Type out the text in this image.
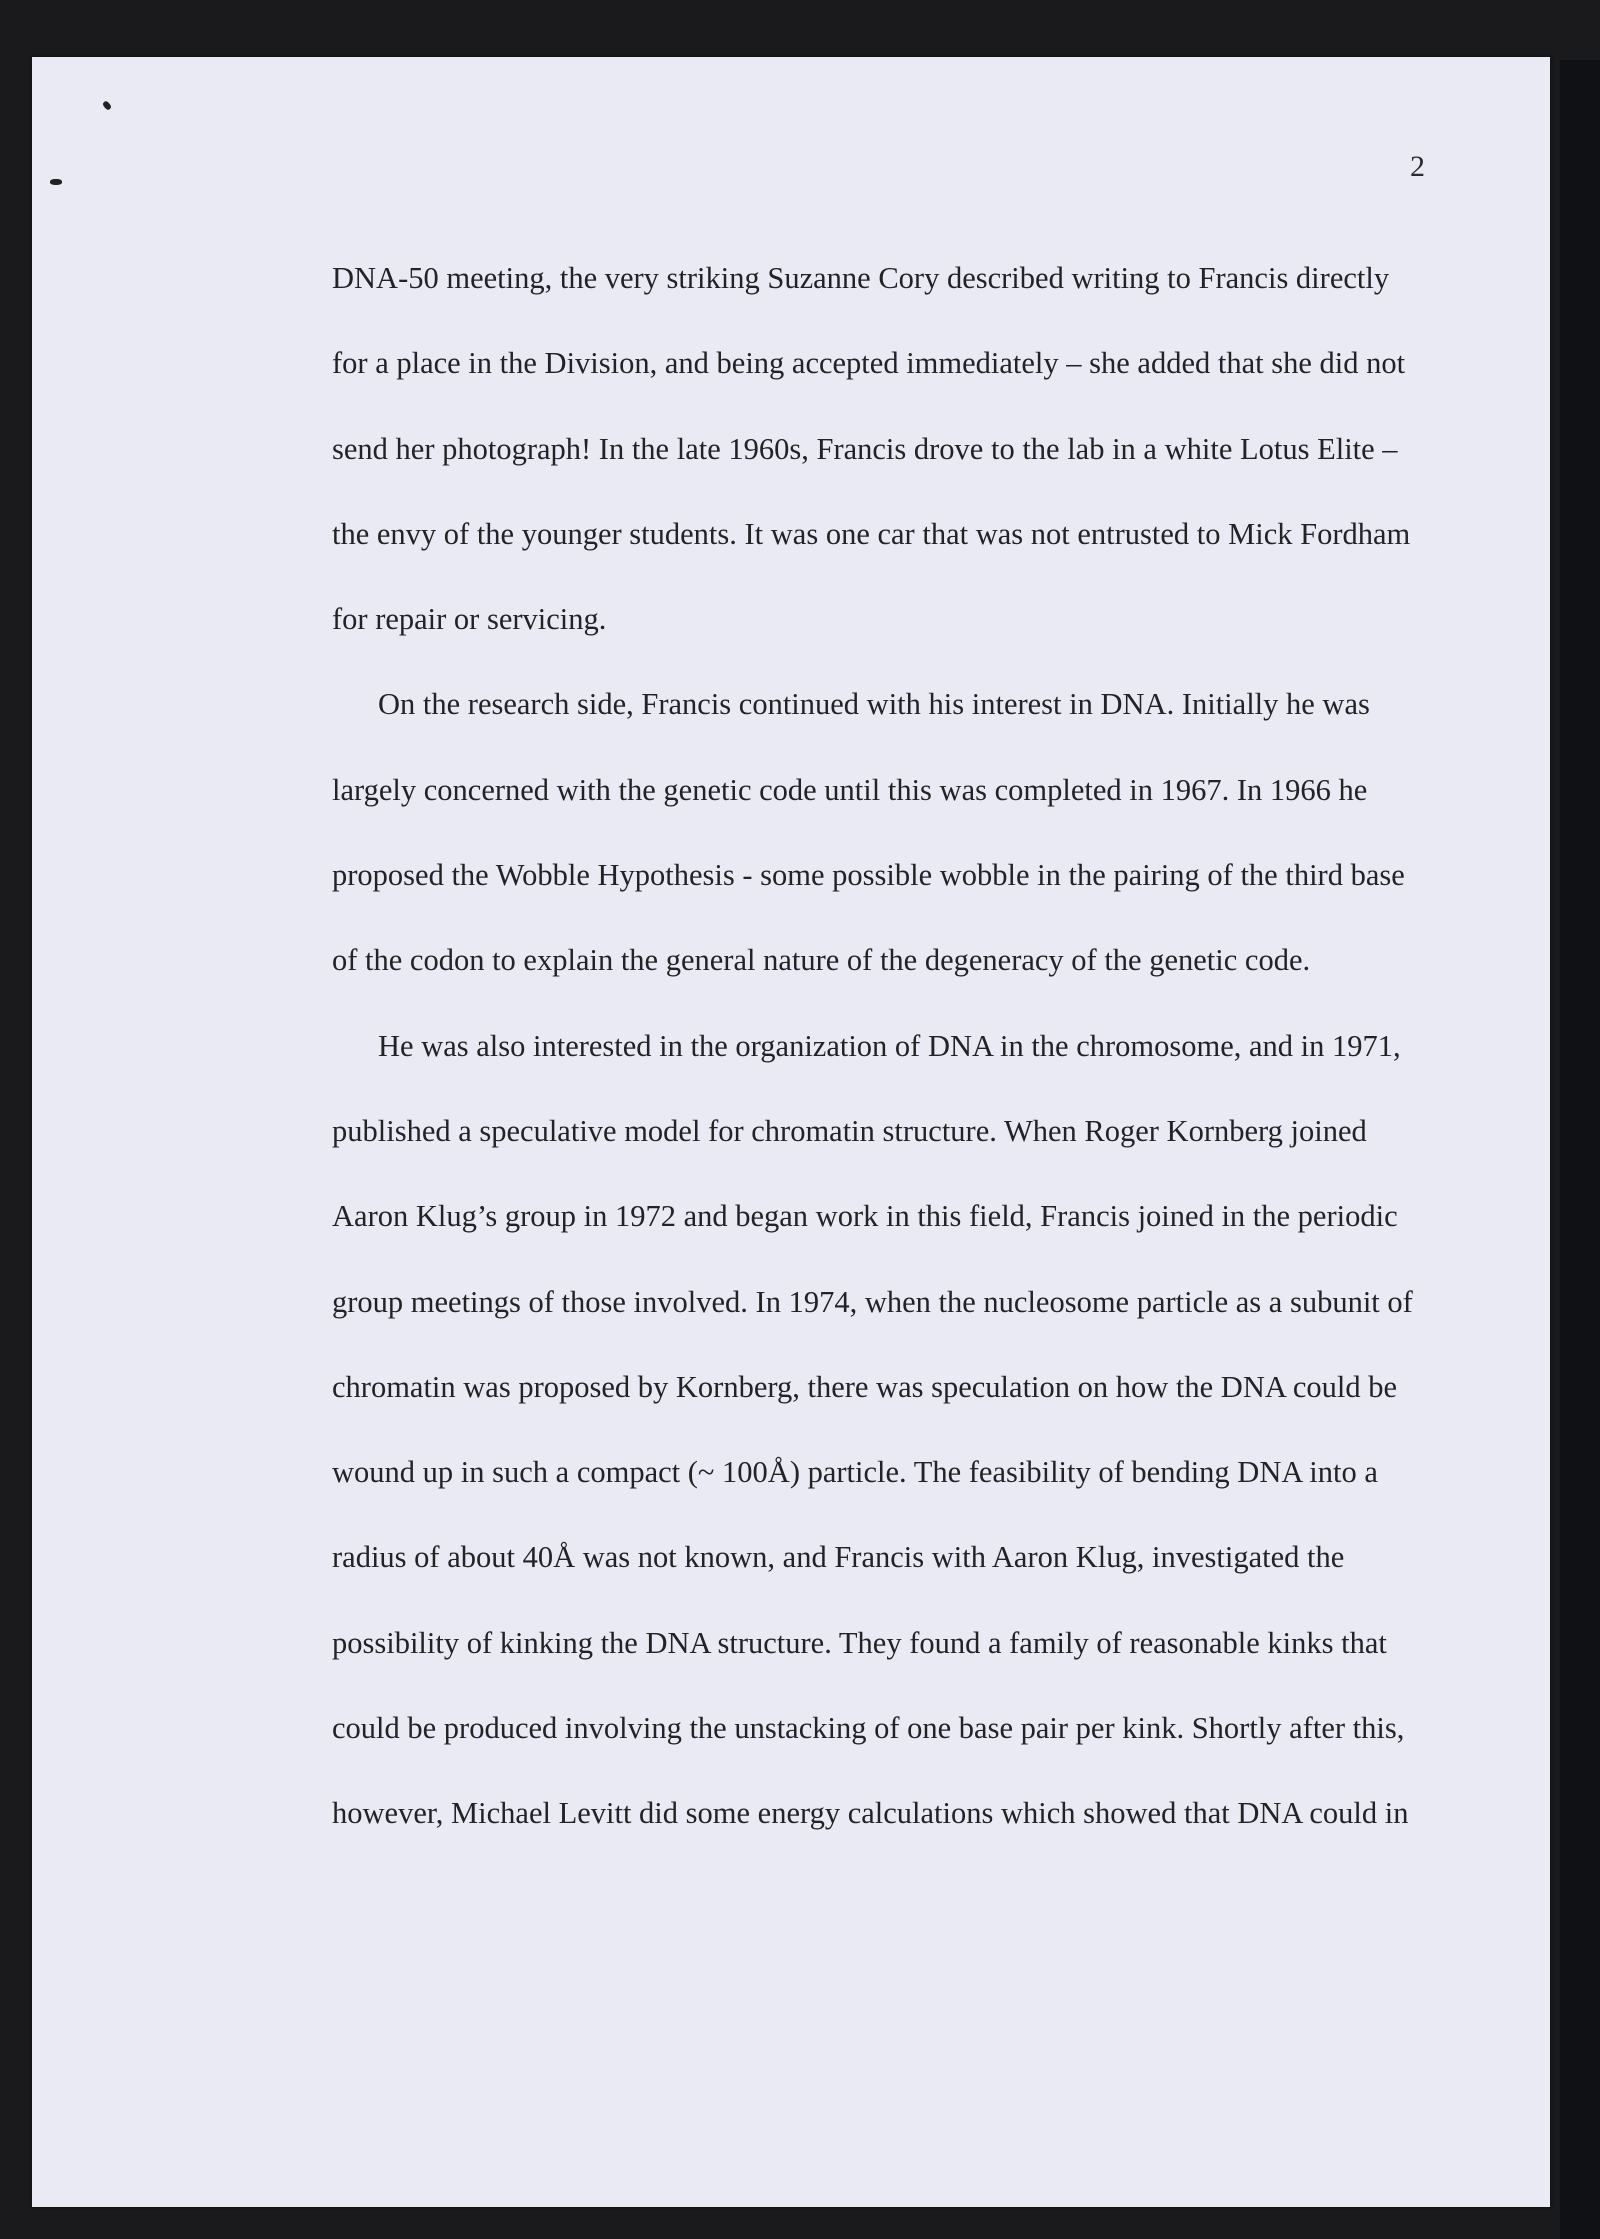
2
DNA-50 meeting, the very striking Suzanne Cory described writing to Francis directly
for a place in the Division, and being accepted immediately – she added that she did not
send her photograph! In the late 1960s, Francis drove to the lab in a white Lotus Elite –
the envy of the younger students. It was one car that was not entrusted to Mick Fordham
for repair or servicing.
On the research side, Francis continued with his interest in DNA. Initially he was
largely concerned with the genetic code until this was completed in 1967. In 1966 he
proposed the Wobble Hypothesis - some possible wobble in the pairing of the third base
of the codon to explain the general nature of the degeneracy of the genetic code.
He was also interested in the organization of DNA in the chromosome, and in 1971,
published a speculative model for chromatin structure. When Roger Kornberg joined
Aaron Klug’s group in 1972 and began work in this field, Francis joined in the periodic
group meetings of those involved. In 1974, when the nucleosome particle as a subunit of
chromatin was proposed by Kornberg, there was speculation on how the DNA could be
wound up in such a compact (~ 100Å) particle. The feasibility of bending DNA into a
radius of about 40Å was not known, and Francis with Aaron Klug, investigated the
possibility of kinking the DNA structure. They found a family of reasonable kinks that
could be produced involving the unstacking of one base pair per kink. Shortly after this,
however, Michael Levitt did some energy calculations which showed that DNA could in
